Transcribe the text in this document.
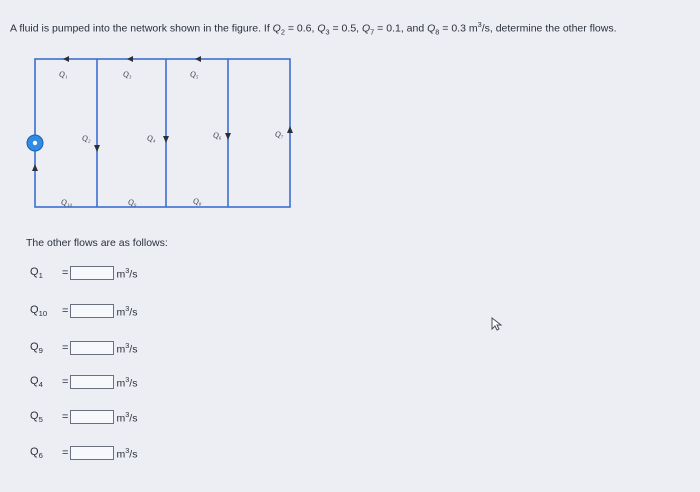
A fluid is pumped into the network shown in the figure. If $Q_2 = 0.6$, $Q_3 = 0.5$, $Q_7 = 0.1$, and $Q_8 = 0.3$ $m^3/s$, determine the other flows.
Q₁	Q₃	Q₅
Q₂	Q₄	Q₆	Q₇
Q₁₀	Q₉	Q₈
The other flows are as follows:
$Q_1$	=	$m^3/s$
$Q_{10}$	=	$m^3/s$
$Q_9$	=	$m^3/s$
$Q_4$	=	$m^3/s$
$Q_5$	=	$m^3/s$
$Q_6$	=	$m^3/s$
